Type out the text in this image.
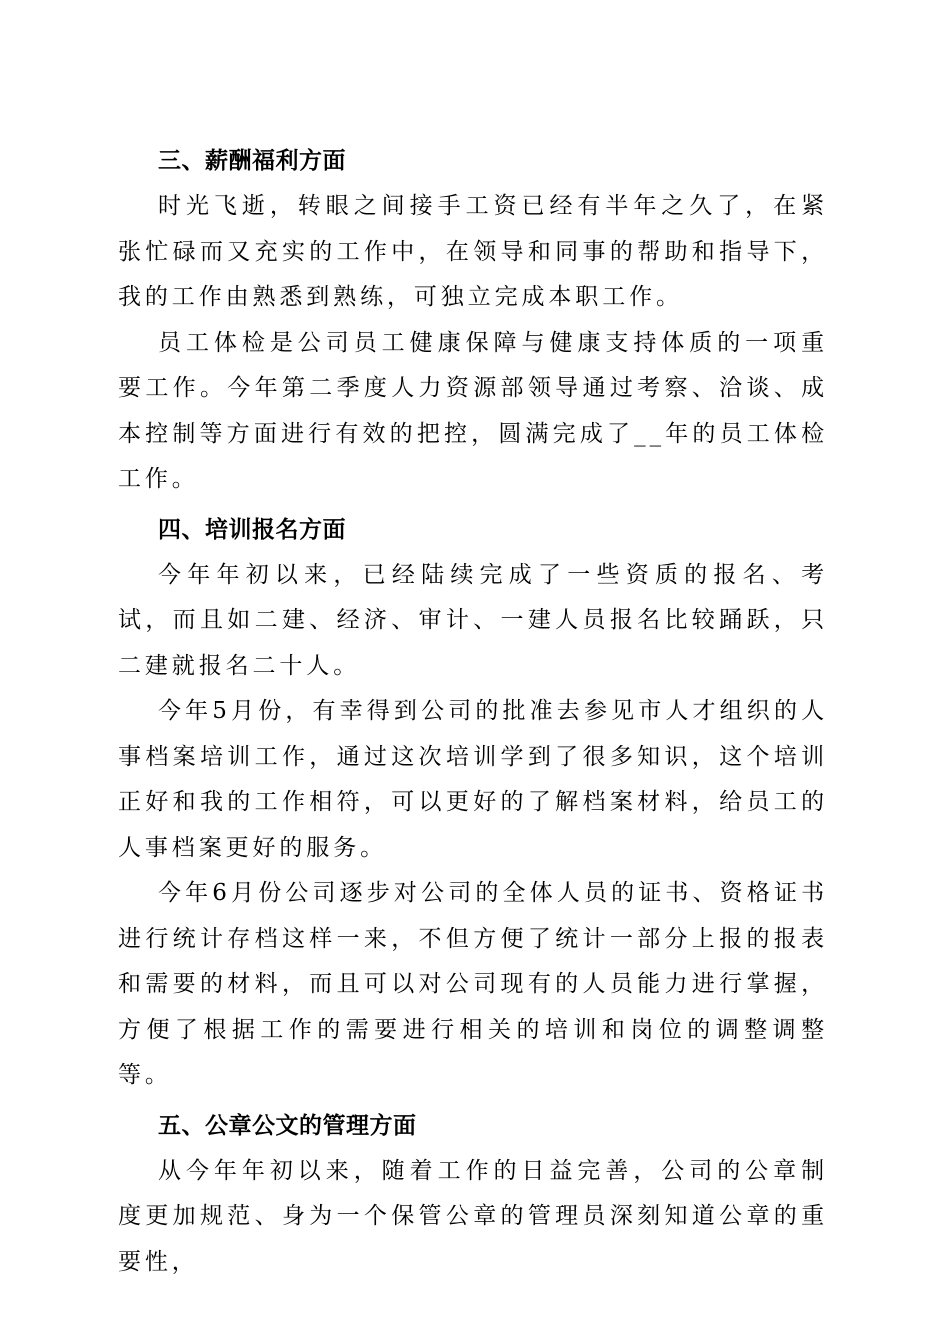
三、薪酬福利方面

时光飞逝，转眼之间接手工资已经有半年之久了，在紧张忙碌而又充实的工作中，在领导和同事的帮助和指导下，我的工作由熟悉到熟练，可独立完成本职工作。

员工体检是公司员工健康保障与健康支持体质的一项重要工作。今年第二季度人力资源部领导通过考察、洽谈、成本控制等方面进行有效的把控，圆满完成了__年的员工体检工作。

四、培训报名方面

今年年初以来，已经陆续完成了一些资质的报名、考试，而且如二建、经济、审计、一建人员报名比较踊跃，只二建就报名二十人。

今年5月份，有幸得到公司的批准去参见市人才组织的人事档案培训工作，通过这次培训学到了很多知识，这个培训正好和我的工作相符，可以更好的了解档案材料，给员工的人事档案更好的服务。

今年6月份公司逐步对公司的全体人员的证书、资格证书进行统计存档这样一来，不但方便了统计一部分上报的报表和需要的材料，而且可以对公司现有的人员能力进行掌握，方便了根据工作的需要进行相关的培训和岗位的调整调整等。

五、公章公文的管理方面

从今年年初以来，随着工作的日益完善，公司的公章制度更加规范、身为一个保管公章的管理员深刻知道公章的重要性，
